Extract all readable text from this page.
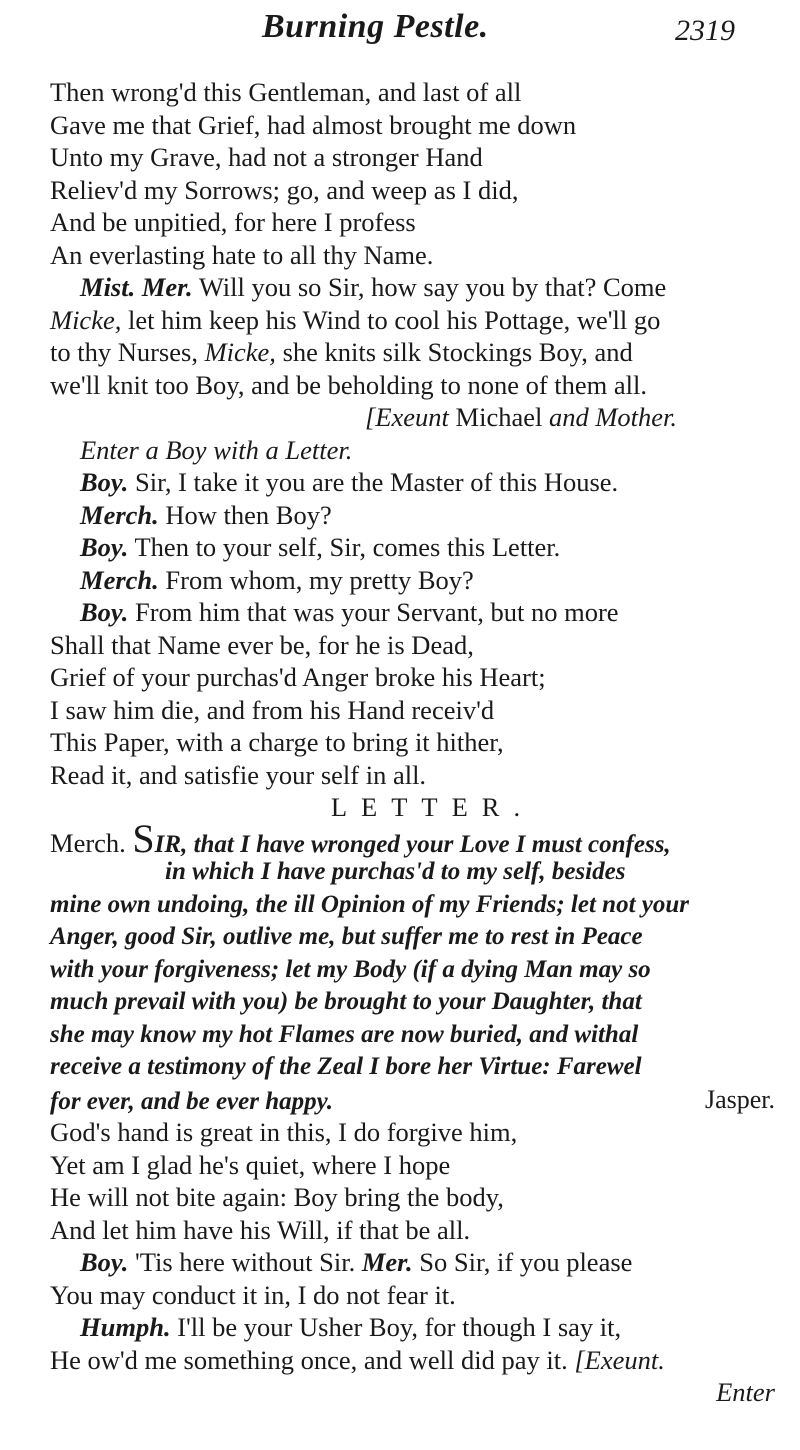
Burning Pestle.	2319
Then wrong'd this Gentleman, and last of all
Gave me that Grief, had almost brought me down
Unto my Grave, had not a stronger Hand
Reliev'd my Sorrows; go, and weep as I did,
And be unpitied, for here I profess
An everlasting hate to all thy Name.
Mist. Mer. Will you so Sir, how say you by that? Come
Micke, let him keep his Wind to cool his Pottage, we'll go
to thy Nurses, Micke, she knits silk Stockings Boy, and
we'll knit too Boy, and be beholding to none of them all.
[Exeunt Michael and Mother.
Enter a Boy with a Letter.
Boy. Sir, I take it you are the Master of this House.
Merch. How then Boy?
Boy. Then to your self, Sir, comes this Letter.
Merch. From whom, my pretty Boy?
Boy. From him that was your Servant, but no more
Shall that Name ever be, for he is Dead,
Grief of your purchas'd Anger broke his Heart;
I saw him die, and from his Hand receiv'd
This Paper, with a charge to bring it hither,
Read it, and satisfie your self in all.
LETTER.
Merch. SIR, that I have wronged your Love I must confess,
in which I have purchas'd to my self, besides
mine own undoing, the ill Opinion of my Friends; let not your
Anger, good Sir, outlive me, but suffer me to rest in Peace
with your forgiveness; let my Body (if a dying Man may so
much prevail with you) be brought to your Daughter, that
she may know my hot Flames are now buried, and withal
receive a testimony of the Zeal I bore her Virtue: Farewel
for ever, and be ever happy.	Jasper.
God's hand is great in this, I do forgive him,
Yet am I glad he's quiet, where I hope
He will not bite again: Boy bring the body,
And let him have his Will, if that be all.
Boy. 'Tis here without Sir. Mer. So Sir, if you please
You may conduct it in, I do not fear it.
Humph. I'll be your Usher Boy, for though I say it,
He ow'd me something once, and well did pay it. [Exeunt.
Enter
